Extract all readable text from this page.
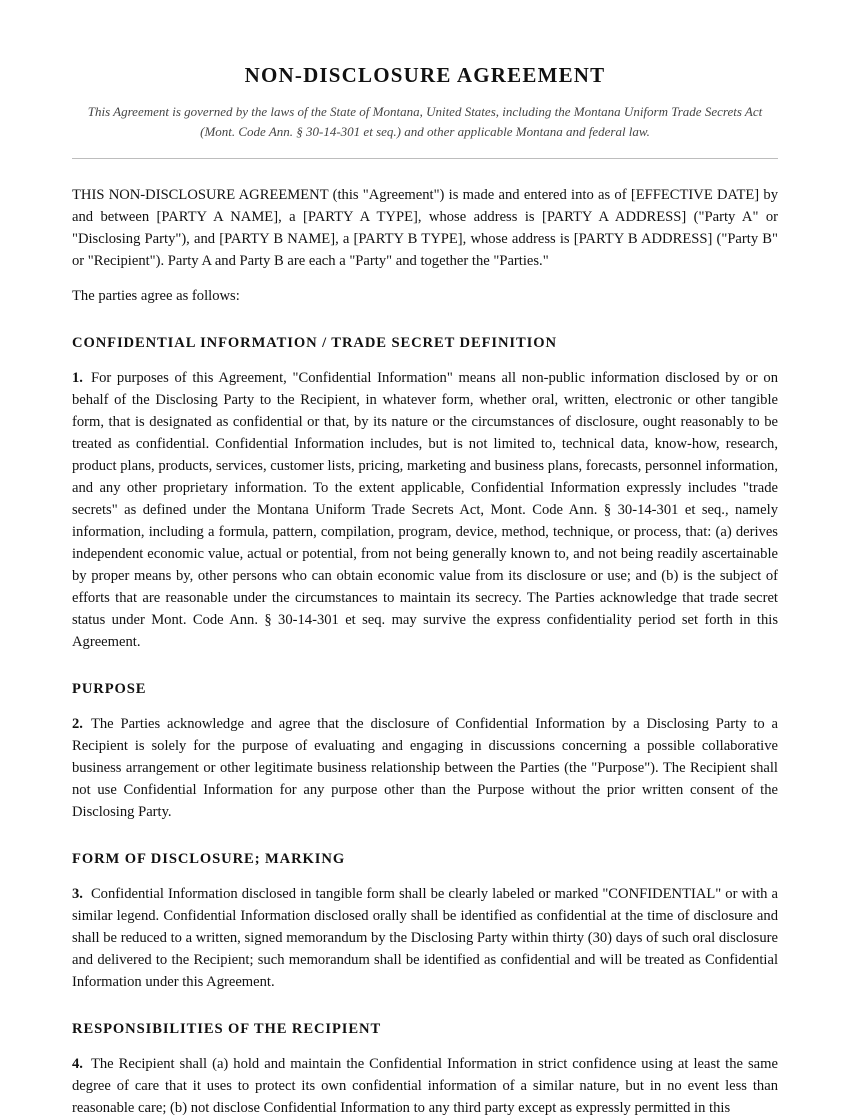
NON-DISCLOSURE AGREEMENT

This Agreement is governed by the laws of the State of Montana, United States, including the Montana Uniform Trade Secrets Act (Mont. Code Ann. § 30-14-301 et seq.) and other applicable Montana and federal law.

THIS NON-DISCLOSURE AGREEMENT (this "Agreement") is made and entered into as of [EFFECTIVE DATE] by and between [PARTY A NAME], a [PARTY A TYPE], whose address is [PARTY A ADDRESS] ("Party A" or "Disclosing Party"), and [PARTY B NAME], a [PARTY B TYPE], whose address is [PARTY B ADDRESS] ("Party B" or "Recipient"). Party A and Party B are each a "Party" and together the "Parties."

The parties agree as follows:

CONFIDENTIAL INFORMATION / TRADE SECRET DEFINITION

1. For purposes of this Agreement, "Confidential Information" means all non-public information disclosed by or on behalf of the Disclosing Party to the Recipient, in whatever form, whether oral, written, electronic or other tangible form, that is designated as confidential or that, by its nature or the circumstances of disclosure, ought reasonably to be treated as confidential. Confidential Information includes, but is not limited to, technical data, know-how, research, product plans, products, services, customer lists, pricing, marketing and business plans, forecasts, personnel information, and any other proprietary information. To the extent applicable, Confidential Information expressly includes "trade secrets" as defined under the Montana Uniform Trade Secrets Act, Mont. Code Ann. § 30-14-301 et seq., namely information, including a formula, pattern, compilation, program, device, method, technique, or process, that: (a) derives independent economic value, actual or potential, from not being generally known to, and not being readily ascertainable by proper means by, other persons who can obtain economic value from its disclosure or use; and (b) is the subject of efforts that are reasonable under the circumstances to maintain its secrecy. The Parties acknowledge that trade secret status under Mont. Code Ann. § 30-14-301 et seq. may survive the express confidentiality period set forth in this Agreement.

PURPOSE

2. The Parties acknowledge and agree that the disclosure of Confidential Information by a Disclosing Party to a Recipient is solely for the purpose of evaluating and engaging in discussions concerning a possible collaborative business arrangement or other legitimate business relationship between the Parties (the "Purpose"). The Recipient shall not use Confidential Information for any purpose other than the Purpose without the prior written consent of the Disclosing Party.

FORM OF DISCLOSURE; MARKING

3. Confidential Information disclosed in tangible form shall be clearly labeled or marked "CONFIDENTIAL" or with a similar legend. Confidential Information disclosed orally shall be identified as confidential at the time of disclosure and shall be reduced to a written, signed memorandum by the Disclosing Party within thirty (30) days of such oral disclosure and delivered to the Recipient; such memorandum shall be identified as confidential and will be treated as Confidential Information under this Agreement.

RESPONSIBILITIES OF THE RECIPIENT

4. The Recipient shall (a) hold and maintain the Confidential Information in strict confidence using at least the same degree of care that it uses to protect its own confidential information of a similar nature, but in no event less than reasonable care; (b) not disclose Confidential Information to any third party except as expressly permitted in this
